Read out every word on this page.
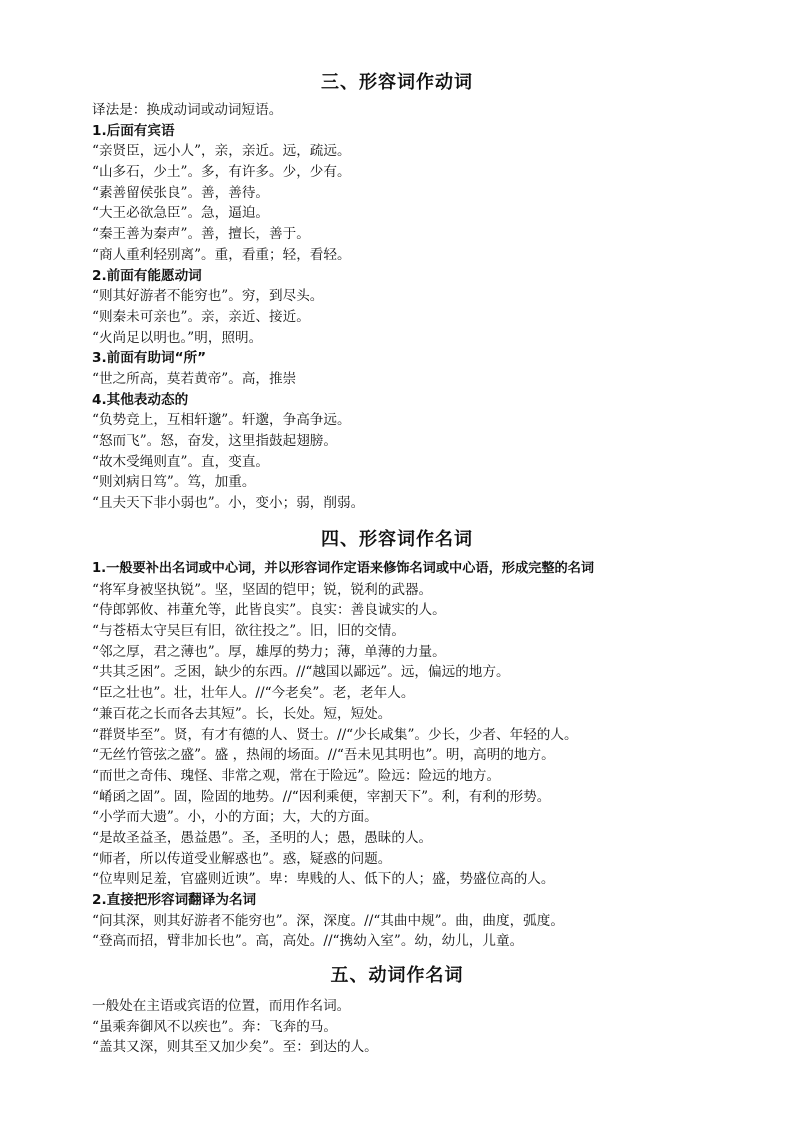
三、形容词作动词
译法是：换成动词或动词短语。
1.后面有宾语
“亲贤臣，远小人”，亲，亲近。远，疏远。
“山多石，少土”。多，有许多。少，少有。
“素善留侯张良”。善，善待。
“大王必欲急臣”。急，逼迫。
“秦王善为秦声”。善，擅长，善于。
“商人重利轻别离”。重，看重；轻，看轻。
2.前面有能愿动词
“则其好游者不能穷也”。穷，到尽头。
“则秦未可亲也”。亲，亲近、接近。
“火尚足以明也。”明，照明。
3.前面有助词“所”
“世之所高，莫若黄帝”。高，推崇
4.其他表动态的
“负势竞上，互相轩邈”。轩邈，争高争远。
“怒而飞”。怒，奋发，这里指鼓起翅膀。
“故木受绳则直”。直，变直。
“则刘病日笃”。笃，加重。
“且夫天下非小弱也”。小，变小；弱，削弱。
四、形容词作名词
1.一般要补出名词或中心词，并以形容词作定语来修饰名词或中心语，形成完整的名词
“将军身被坚执锐”。坚，坚固的铠甲；锐，锐利的武器。
“侍郎郭攸、祎董允等，此皆良实”。良实：善良诚实的人。
“与苍梧太守吴巨有旧，欲往投之”。旧，旧的交情。
“邻之厚，君之薄也”。厚，雄厚的势力；薄，单薄的力量。
“共其乏困”。乏困，缺少的东西。//“越国以鄙远”。远，偏远的地方。
“臣之壮也”。壮，壮年人。//“今老矣”。老，老年人。
“兼百花之长而各去其短”。长，长处。短，短处。
“群贤毕至”。贤，有才有德的人、贤士。//“少长咸集”。少长，少者、年轻的人。
“无丝竹管弦之盛”。盛 ，热闹的场面。//“吾未见其明也”。明，高明的地方。
“而世之奇伟、瑰怪、非常之观，常在于险远”。险远：险远的地方。
“崤函之固”。固，险固的地势。//“因利乘便，宰割天下”。利，有利的形势。
“小学而大遗”。小，小的方面；大，大的方面。
“是故圣益圣，愚益愚”。圣，圣明的人；愚，愚昧的人。
“师者，所以传道受业解惑也”。惑，疑惑的问题。
“位卑则足羞，官盛则近谀”。卑：卑贱的人、低下的人；盛，势盛位高的人。
2.直接把形容词翻译为名词
“问其深，则其好游者不能穷也”。深，深度。//“其曲中规”。曲，曲度，弧度。
“登高而招，臂非加长也”。高，高处。//“携幼入室”。幼，幼儿，儿童。
五、动词作名词
一般处在主语或宾语的位置，而用作名词。
“虽乘奔御风不以疾也”。奔：飞奔的马。
“盖其又深，则其至又加少矣”。至：到达的人。
